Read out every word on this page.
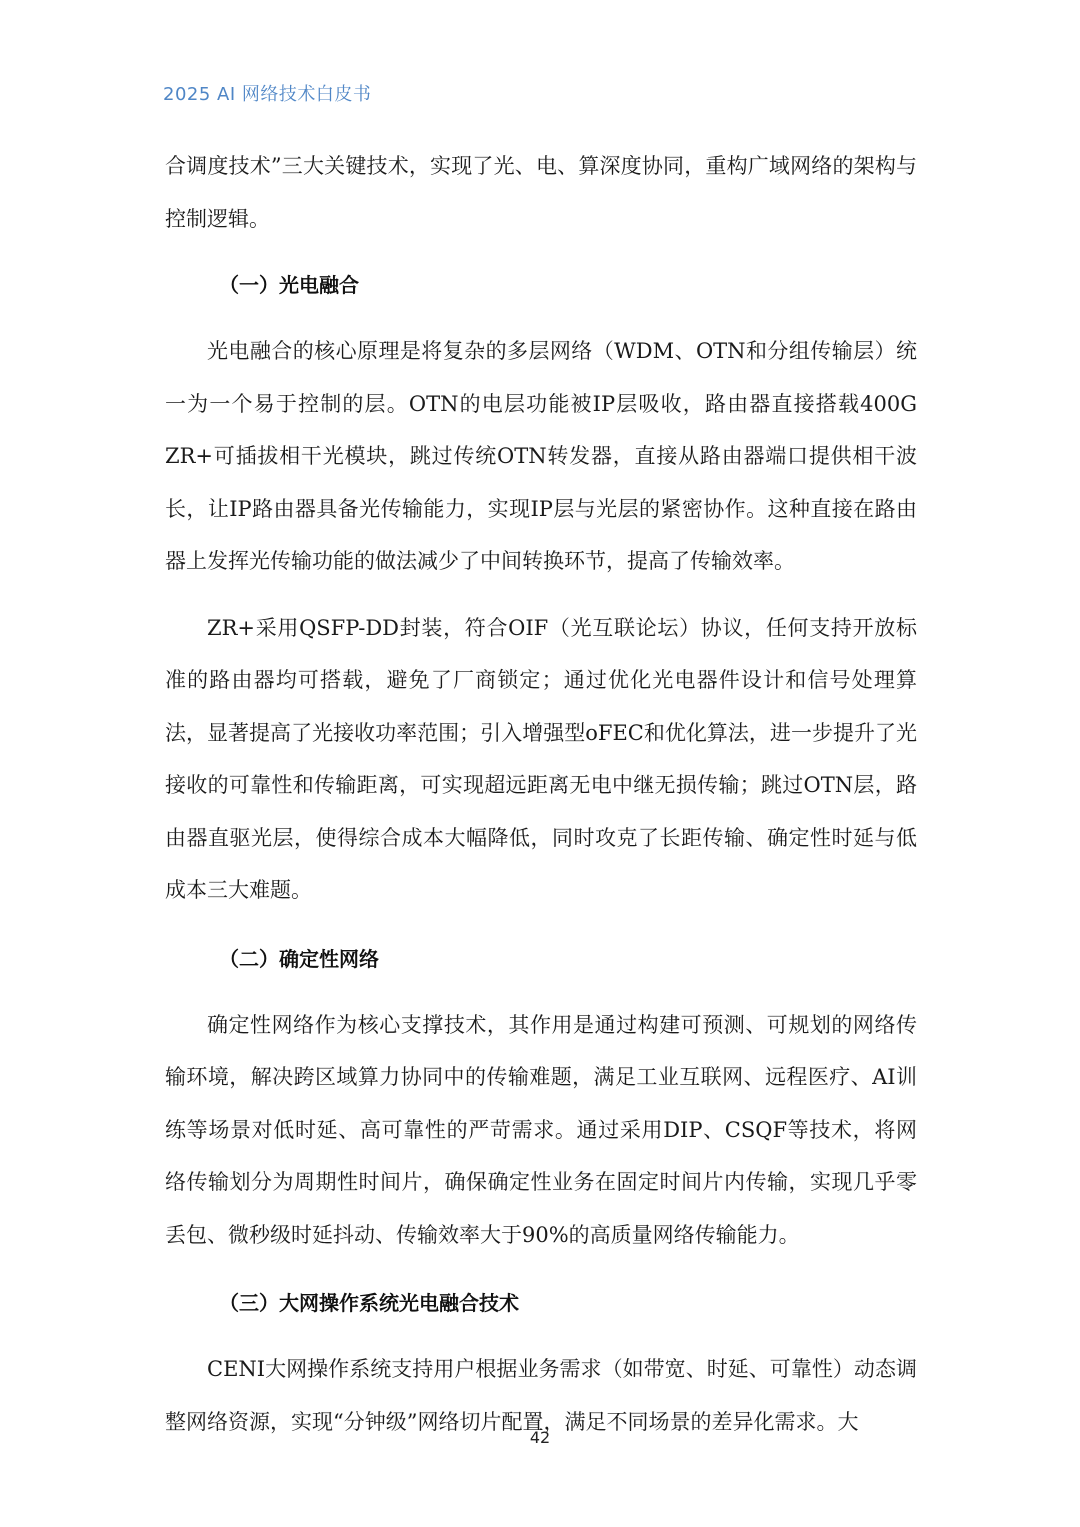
2025 AI 网络技术白皮书

合调度技术”三大关键技术，实现了光、电、算深度协同，重构广域网络的架构与控制逻辑。

（一）光电融合

光电融合的核心原理是将复杂的多层网络（WDM、OTN和分组传输层）统一为一个易于控制的层。OTN的电层功能被IP层吸收，路由器直接搭载400G ZR+可插拔相干光模块，跳过传统OTN转发器，直接从路由器端口提供相干波长，让IP路由器具备光传输能力，实现IP层与光层的紧密协作。这种直接在路由器上发挥光传输功能的做法减少了中间转换环节，提高了传输效率。

ZR+采用QSFP-DD封装，符合OIF（光互联论坛）协议，任何支持开放标准的路由器均可搭载，避免了厂商锁定；通过优化光电器件设计和信号处理算法，显著提高了光接收功率范围；引入增强型oFEC和优化算法，进一步提升了光接收的可靠性和传输距离，可实现超远距离无电中继无损传输；跳过OTN层，路由器直驱光层，使得综合成本大幅降低，同时攻克了长距传输、确定性时延与低成本三大难题。

（二）确定性网络

确定性网络作为核心支撑技术，其作用是通过构建可预测、可规划的网络传输环境，解决跨区域算力协同中的传输难题，满足工业互联网、远程医疗、AI训练等场景对低时延、高可靠性的严苛需求。通过采用DIP、CSQF等技术，将网络传输划分为周期性时间片，确保确定性业务在固定时间片内传输，实现几乎零丢包、微秒级时延抖动、传输效率大于90%的高质量网络传输能力。

（三）大网操作系统光电融合技术

CENI大网操作系统支持用户根据业务需求（如带宽、时延、可靠性）动态调整网络资源，实现“分钟级”网络切片配置，满足不同场景的差异化需求。大

42
